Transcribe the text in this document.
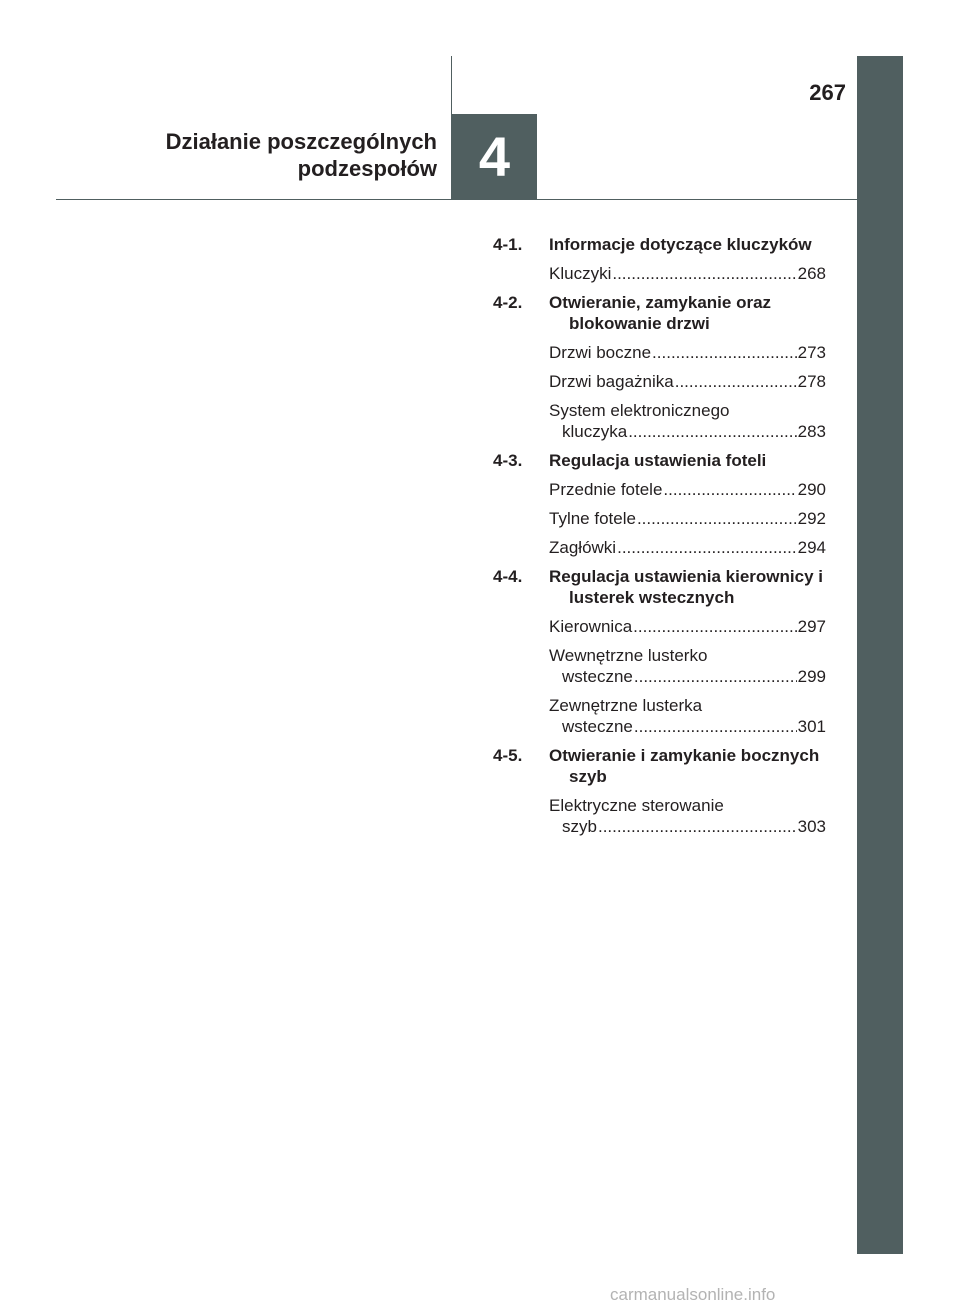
267
4
Działanie poszczególnych
podzespołów
4-1. Informacje dotyczące kluczyków
Kluczyki .....	268
4-2. Otwieranie, zamykanie oraz blokowanie drzwi
Drzwi boczne .....	273
Drzwi bagażnika .....	278
System elektronicznego
kluczyka .....	283
4-3. Regulacja ustawienia foteli
Przednie fotele .....	290
Tylne fotele .....	292
Zagłówki .....	294
4-4. Regulacja ustawienia kierownicy i lusterek wstecznych
Kierownica .....	297
Wewnętrzne lusterko
wsteczne .....	299
Zewnętrzne lusterka
wsteczne .....	301
4-5. Otwieranie i zamykanie bocznych szyb
Elektryczne sterowanie
szyb .....	303
carmanualsonline.info
